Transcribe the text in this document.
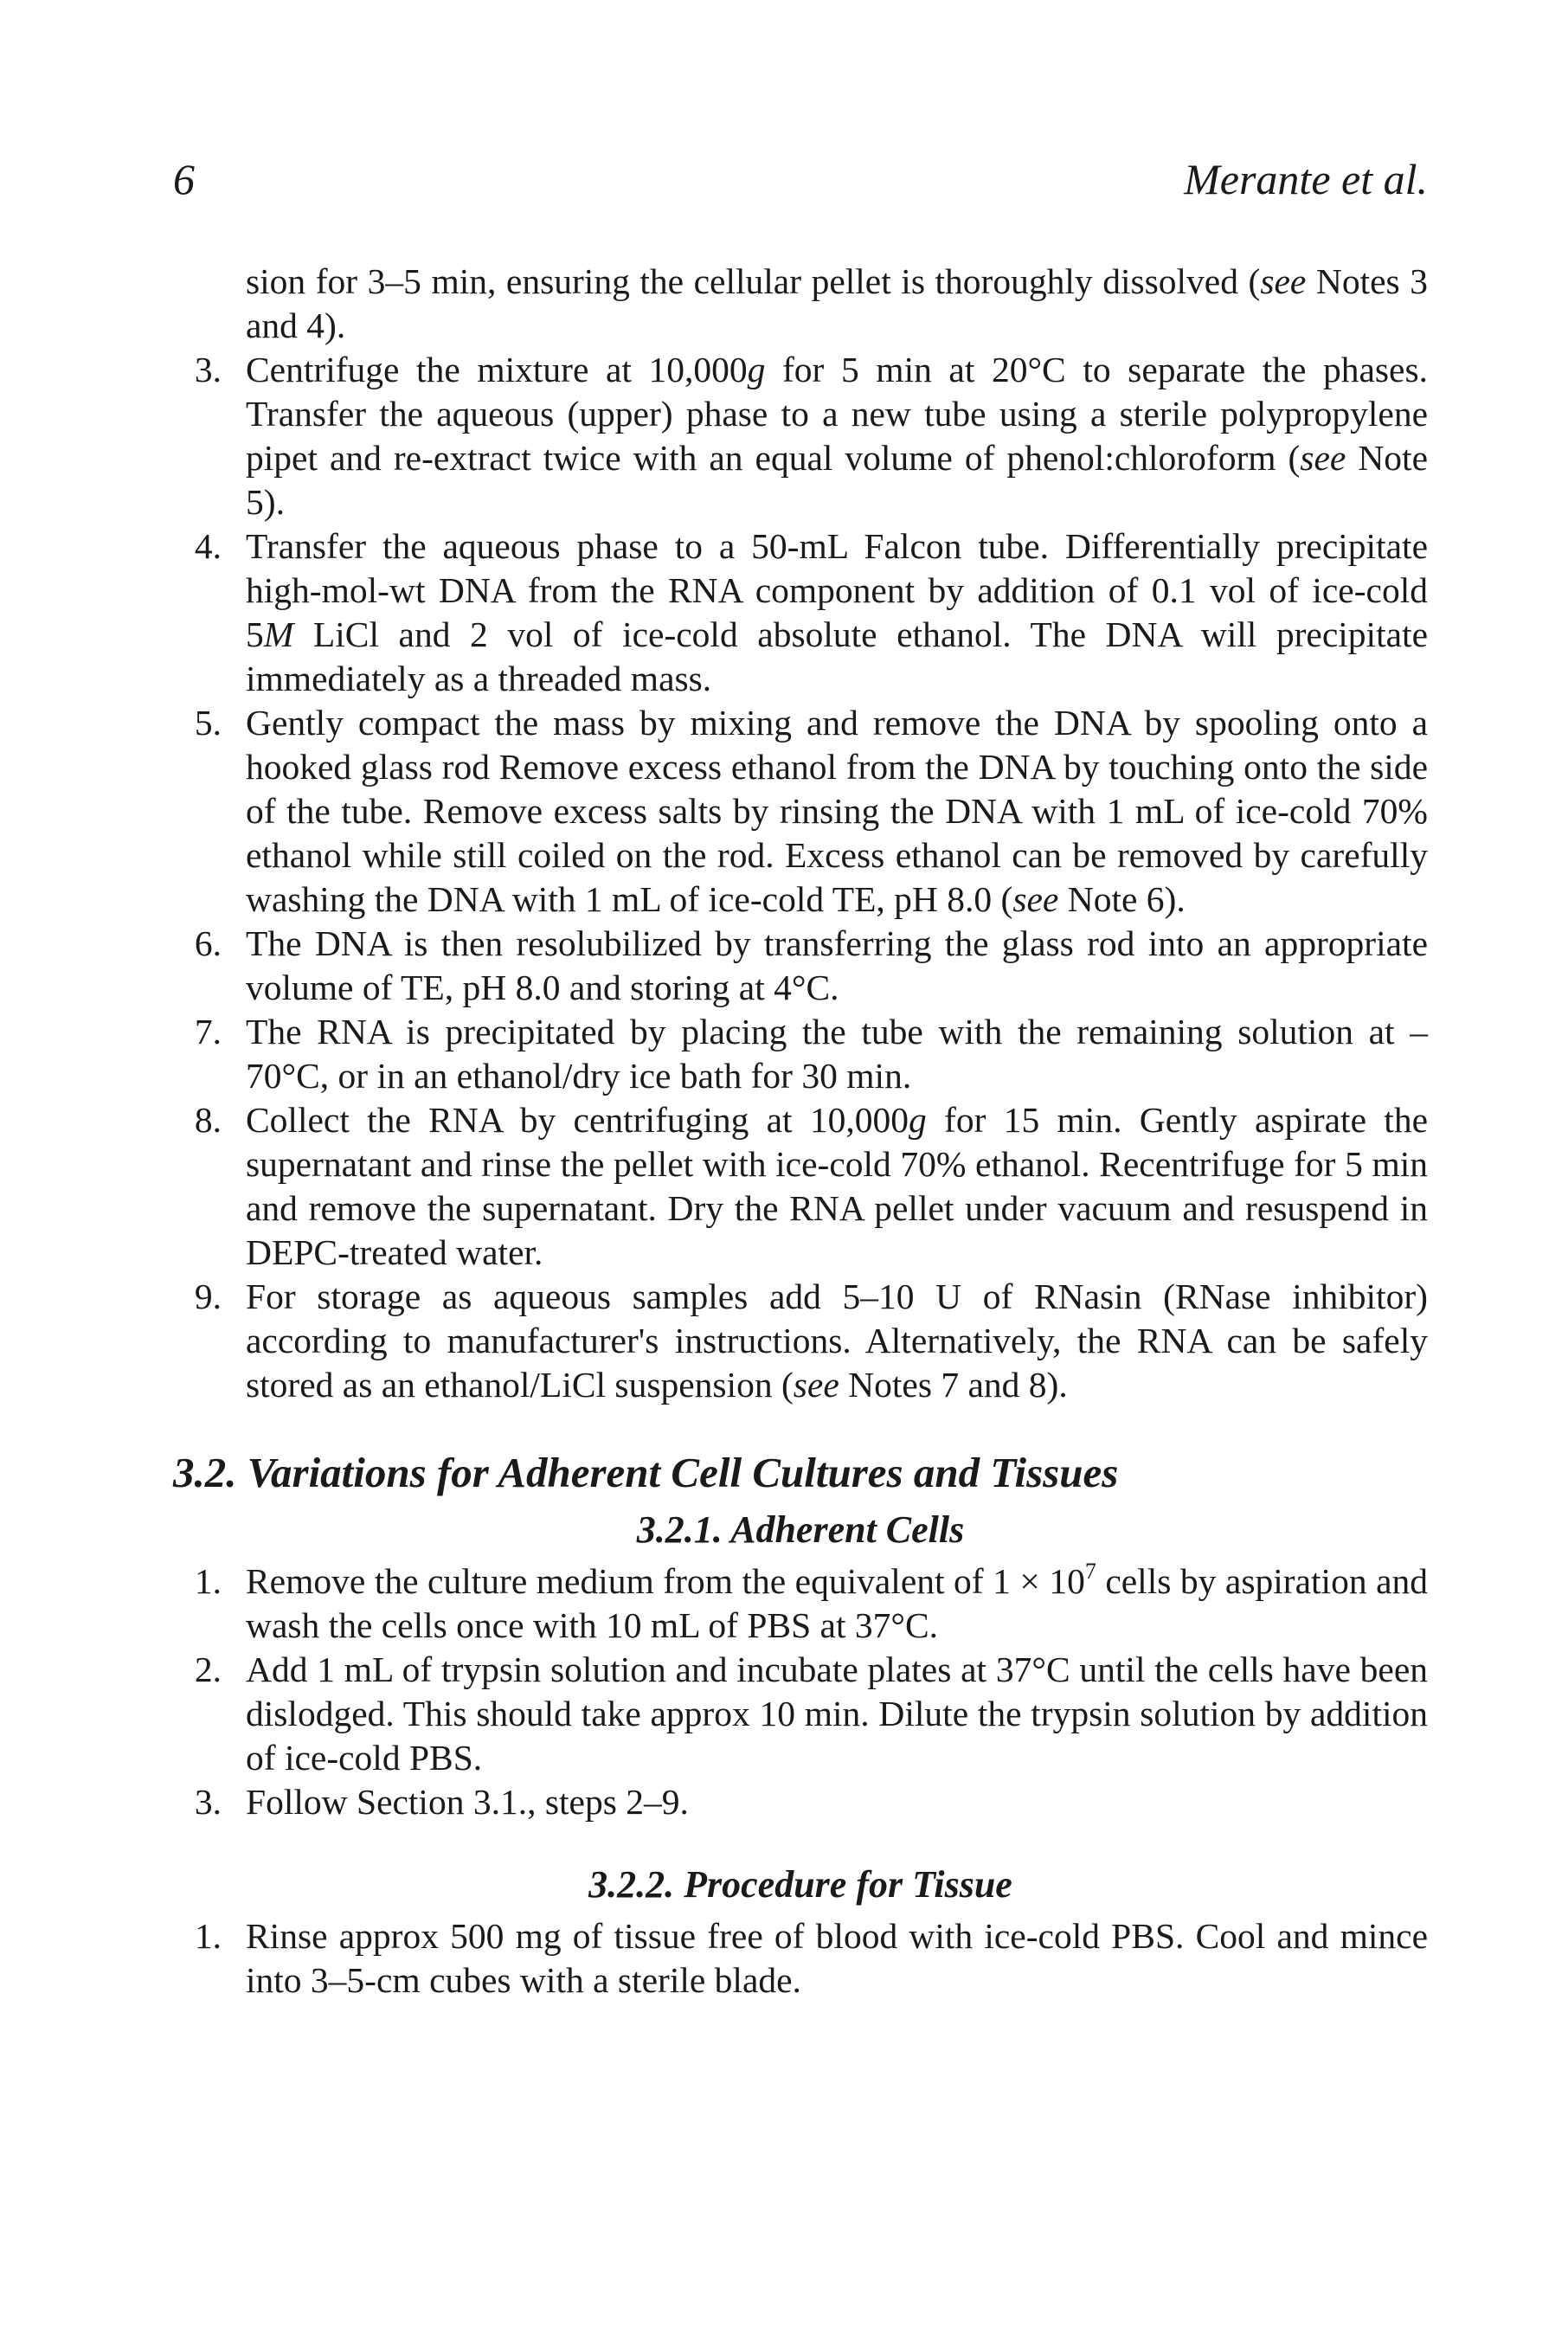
6	Merante et al.

sion for 3–5 min, ensuring the cellular pellet is thoroughly dissolved (see Notes 3 and 4).

3. Centrifuge the mixture at 10,000g for 5 min at 20°C to separate the phases. Transfer the aqueous (upper) phase to a new tube using a sterile polypropylene pipet and re-extract twice with an equal volume of phenol:chloroform (see Note 5).

4. Transfer the aqueous phase to a 50-mL Falcon tube. Differentially precipitate high-mol-wt DNA from the RNA component by addition of 0.1 vol of ice-cold 5M LiCl and 2 vol of ice-cold absolute ethanol. The DNA will precipitate immediately as a threaded mass.

5. Gently compact the mass by mixing and remove the DNA by spooling onto a hooked glass rod Remove excess ethanol from the DNA by touching onto the side of the tube. Remove excess salts by rinsing the DNA with 1 mL of ice-cold 70% ethanol while still coiled on the rod. Excess ethanol can be removed by carefully washing the DNA with 1 mL of ice-cold TE, pH 8.0 (see Note 6).

6. The DNA is then resolubilized by transferring the glass rod into an appropriate volume of TE, pH 8.0 and storing at 4°C.

7. The RNA is precipitated by placing the tube with the remaining solution at –70°C, or in an ethanol/dry ice bath for 30 min.

8. Collect the RNA by centrifuging at 10,000g for 15 min. Gently aspirate the supernatant and rinse the pellet with ice-cold 70% ethanol. Recentrifuge for 5 min and remove the supernatant. Dry the RNA pellet under vacuum and resuspend in DEPC-treated water.

9. For storage as aqueous samples add 5–10 U of RNasin (RNase inhibitor) according to manufacturer's instructions. Alternatively, the RNA can be safely stored as an ethanol/LiCl suspension (see Notes 7 and 8).

3.2. Variations for Adherent Cell Cultures and Tissues
3.2.1. Adherent Cells

1. Remove the culture medium from the equivalent of $1 \times 10^7$ cells by aspiration and wash the cells once with 10 mL of PBS at 37°C.

2. Add 1 mL of trypsin solution and incubate plates at 37°C until the cells have been dislodged. This should take approx 10 min. Dilute the trypsin solution by addition of ice-cold PBS.

3. Follow Section 3.1., steps 2–9.

3.2.2. Procedure for Tissue

1. Rinse approx 500 mg of tissue free of blood with ice-cold PBS. Cool and mince into 3–5-cm cubes with a sterile blade.
